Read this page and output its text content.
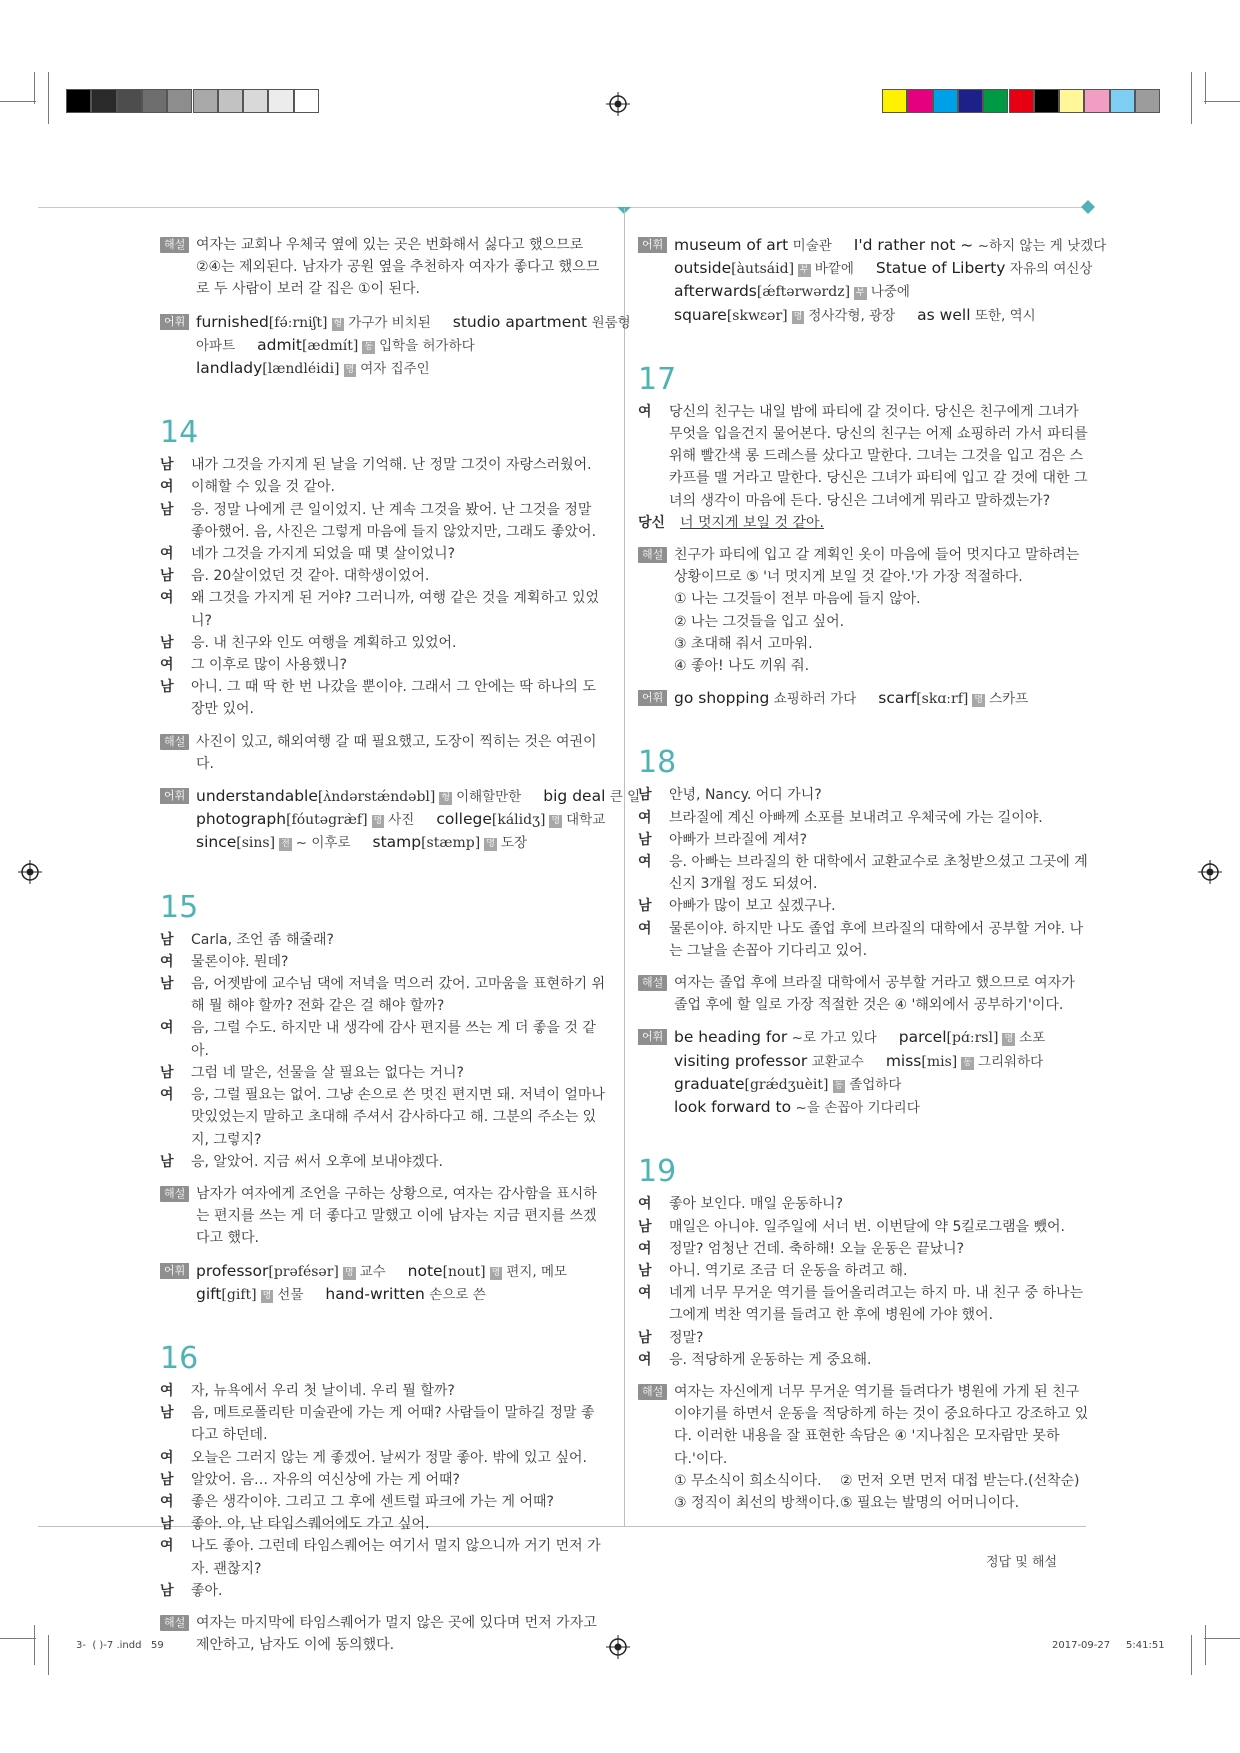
해설 여자는 교회나 우체국 옆에 있는 곳은 번화해서 싫다고 했으므로 ②④는 제외된다. 남자가 공원 옆을 추천하자 여자가 좋다고 했으므로 두 사람이 보러 갈 집은 ①이 된다.
어휘 furnished[fə́ːrniʃt] 형 가구가 비치된 studio apartment 원룸형
아파트 admit[ædmít] 동 입학을 허가하다
landlady[lændléidi] 명 여자 집주인
14
남 내가 그것을 가지게 된 날을 기억해. 난 정말 그것이 자랑스러웠어.
여 이해할 수 있을 것 같아.
남 응. 정말 나에게 큰 일이었지. 난 계속 그것을 봤어. 난 그것을 정말 좋아했어. 음, 사진은 그렇게 마음에 들지 않았지만, 그래도 좋았어.
여 네가 그것을 가지게 되었을 때 몇 살이었니?
남 음. 20살이었던 것 같아. 대학생이었어.
여 왜 그것을 가지게 된 거야? 그러니까, 여행 같은 것을 계획하고 있었니?
남 응. 내 친구와 인도 여행을 계획하고 있었어.
여 그 이후로 많이 사용했니?
남 아니. 그 때 딱 한 번 나갔을 뿐이야. 그래서 그 안에는 딱 하나의 도장만 있어.
해설 사진이 있고, 해외여행 갈 때 필요했고, 도장이 찍히는 것은 여권이다.
어휘 understandable[ʌ̀ndərstǽndəbl] 형 이해할만한 big deal 큰 일
photograph[fóutəgræ̀f] 명 사진 college[kálidʒ] 명 대학교
since[sins] 전 ~ 이후로 stamp[stæmp] 명 도장
15
남 Carla, 조언 좀 해줄래?
여 물론이야. 뭔데?
남 음, 어젯밤에 교수님 댁에 저녁을 먹으러 갔어. 고마움을 표현하기 위해 뭘 해야 할까? 전화 같은 걸 해야 할까?
여 음, 그럴 수도. 하지만 내 생각에 감사 편지를 쓰는 게 더 좋을 것 같아.
남 그럼 네 말은, 선물을 살 필요는 없다는 거니?
여 응, 그럴 필요는 없어. 그냥 손으로 쓴 멋진 편지면 돼. 저녁이 얼마나 맛있었는지 말하고 초대해 주셔서 감사하다고 해. 그분의 주소는 있지, 그렇지?
남 응, 알았어. 지금 써서 오후에 보내야겠다.
해설 남자가 여자에게 조언을 구하는 상황으로, 여자는 감사함을 표시하는 편지를 쓰는 게 더 좋다고 말했고 이에 남자는 지금 편지를 쓰겠다고 했다.
어휘 professor[prəfésər] 명 교수 note[nout] 명 편지, 메모
gift[gift] 명 선물 hand-written 손으로 쓴
16
여 자, 뉴욕에서 우리 첫 날이네. 우리 뭘 할까?
남 음, 메트로폴리탄 미술관에 가는 게 어때? 사람들이 말하길 정말 좋다고 하던데.
여 오늘은 그러지 않는 게 좋겠어. 날씨가 정말 좋아. 밖에 있고 싶어.
남 알았어. 음… 자유의 여신상에 가는 게 어때?
여 좋은 생각이야. 그리고 그 후에 센트럴 파크에 가는 게 어때?
남 좋아. 아, 난 타임스퀘어에도 가고 싶어.
여 나도 좋아. 그런데 타임스퀘어는 여기서 멀지 않으니까 거기 먼저 가자. 괜찮지?
남 좋아.
해설 여자는 마지막에 타임스퀘어가 멀지 않은 곳에 있다며 먼저 가자고 제안하고, 남자도 이에 동의했다.
어휘 museum of art 미술관 I'd rather not ~ ~하지 않는 게 낫겠다
outside[àutsáid] 부 바깥에 Statue of Liberty 자유의 여신상
afterwards[ǽftərwərdz] 부 나중에
square[skwɛər] 명 정사각형, 광장 as well 또한, 역시
17
여 당신의 친구는 내일 밤에 파티에 갈 것이다. 당신은 친구에게 그녀가 무엇을 입을건지 물어본다. 당신의 친구는 어제 쇼핑하러 가서 파티를 위해 빨간색 롱 드레스를 샀다고 말한다. 그녀는 그것을 입고 검은 스카프를 맬 거라고 말한다. 당신은 그녀가 파티에 입고 갈 것에 대한 그녀의 생각이 마음에 든다. 당신은 그녀에게 뭐라고 말하겠는가?
당신 너 멋지게 보일 것 같아.
해설 친구가 파티에 입고 갈 계획인 옷이 마음에 들어 멋지다고 말하려는 상황이므로 ⑤ '너 멋지게 보일 것 같아.'가 가장 적절하다.
① 나는 그것들이 전부 마음에 들지 않아.
② 나는 그것들을 입고 싶어.
③ 초대해 줘서 고마워.
④ 좋아! 나도 끼워 줘.
어휘 go shopping 쇼핑하러 가다 scarf[skɑːrf] 명 스카프
18
남 안녕, Nancy. 어디 가니?
여 브라질에 계신 아빠께 소포를 보내려고 우체국에 가는 길이야.
남 아빠가 브라질에 계셔?
여 응. 아빠는 브라질의 한 대학에서 교환교수로 초청받으셨고 그곳에 계신지 3개월 정도 되셨어.
남 아빠가 많이 보고 싶겠구나.
여 물론이야. 하지만 나도 졸업 후에 브라질의 대학에서 공부할 거야. 나는 그날을 손꼽아 기다리고 있어.
해설 여자는 졸업 후에 브라질 대학에서 공부할 거라고 했으므로 여자가 졸업 후에 할 일로 가장 적절한 것은 ④ '해외에서 공부하기'이다.
어휘 be heading for ~로 가고 있다 parcel[pɑ́ːrsl] 명 소포
visiting professor 교환교수 miss[mis] 동 그리워하다
graduate[grǽdʒuèit] 동 졸업하다
look forward to ~을 손꼽아 기다리다
19
여 좋아 보인다. 매일 운동하니?
남 매일은 아니야. 일주일에 서너 번. 이번달에 약 5킬로그램을 뺐어.
여 정말? 엄청난 건데. 축하해! 오늘 운동은 끝났니?
남 아니. 역기로 조금 더 운동을 하려고 해.
여 네게 너무 무거운 역기를 들어올리려고는 하지 마. 내 친구 중 하나는 그에게 벅찬 역기를 들려고 한 후에 병원에 가야 했어.
남 정말?
여 응. 적당하게 운동하는 게 중요해.
해설 여자는 자신에게 너무 무거운 역기를 들려다가 병원에 가게 된 친구 이야기를 하면서 운동을 적당하게 하는 것이 중요하다고 강조하고 있다. 이러한 내용을 잘 표현한 속담은 ④ '지나침은 모자람만 못하다.'이다.
① 무소식이 희소식이다. ② 먼저 오면 먼저 대접 받는다.(선착순)
③ 정직이 최선의 방책이다.⑤ 필요는 발명의 어머니이다.
정답 및 해설
3-  ( )-7 .indd   59	2017-09-27 5:41:51
